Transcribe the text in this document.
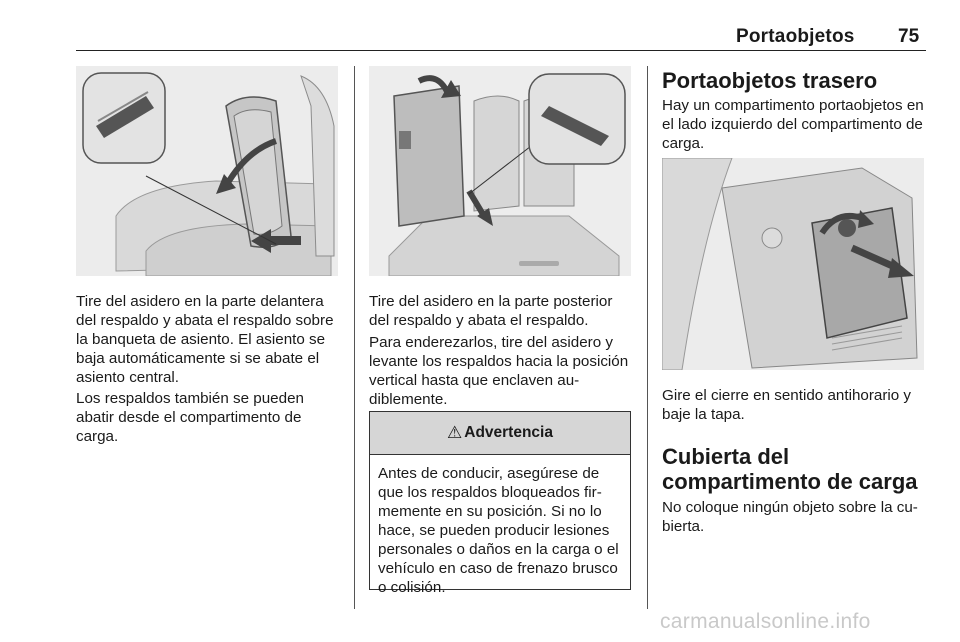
Portaobjetos 75

Tire del asidero en la parte delantera del respaldo y abata el respaldo sobre la banqueta de asiento. El asiento se baja automáticamente si se abate el asiento central.

Los respaldos también se pueden abatir desde el compartimento de carga.

Tire del asidero en la parte posterior del respaldo y abata el respaldo.

Para enderezarlos, tire del asidero y levante los respaldos hacia la posición vertical hasta que enclaven audiblemente.

⚠ Advertencia
Antes de conducir, asegúrese de que los respaldos bloqueados firmemente en su posición. Si no lo hace, se pueden producir lesiones personales o daños en la carga o el vehículo en caso de frenazo brusco o colisión.
Portaobjetos trasero

Hay un compartimento portaobjetos en el lado izquierdo del compartimento de carga.

Gire el cierre en sentido antihorario y baje la tapa.

Cubierta del compartimento de carga

No coloque ningún objeto sobre la cubierta.

carmanualsonline.info
